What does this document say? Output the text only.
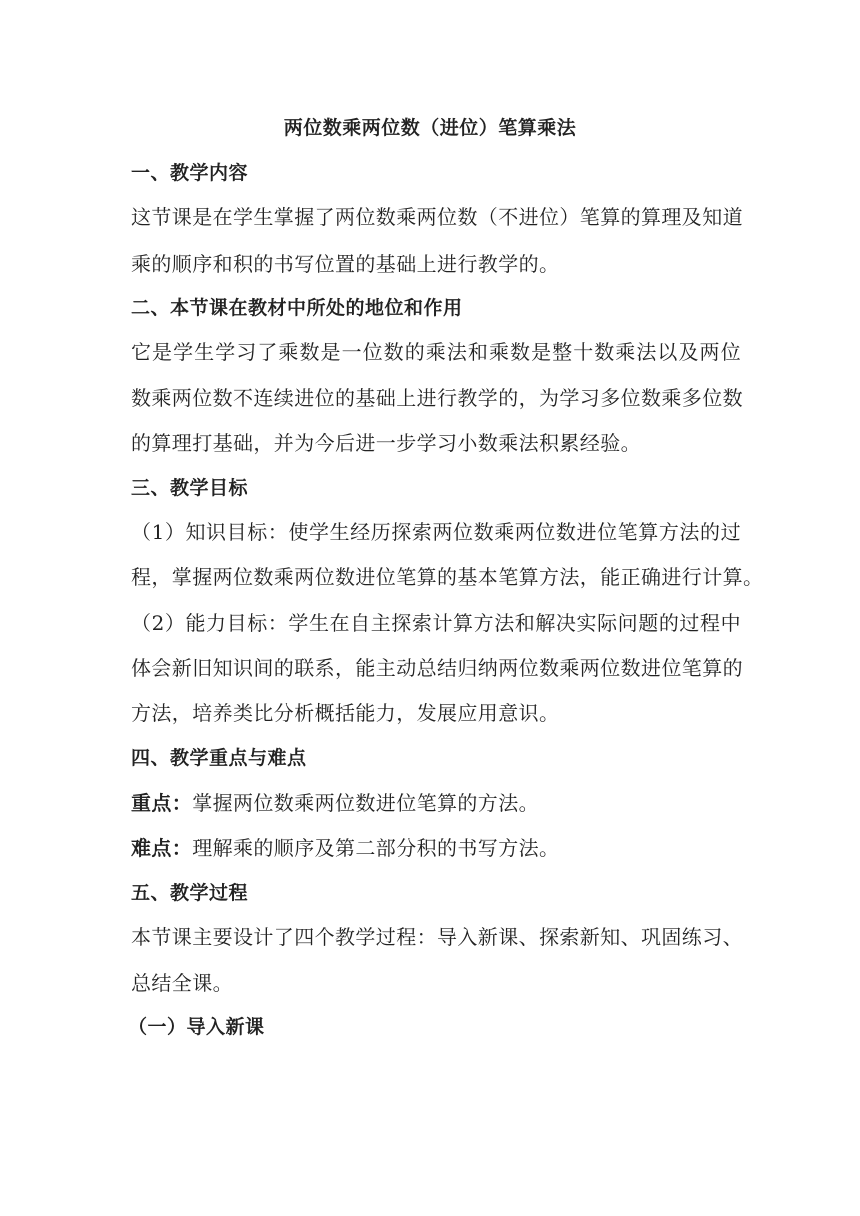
两位数乘两位数（进位）笔算乘法
一、教学内容
这节课是在学生掌握了两位数乘两位数（不进位）笔算的算理及知道
乘的顺序和积的书写位置的基础上进行教学的。
二、本节课在教材中所处的地位和作用
它是学生学习了乘数是一位数的乘法和乘数是整十数乘法以及两位
数乘两位数不连续进位的基础上进行教学的，为学习多位数乘多位数
的算理打基础，并为今后进一步学习小数乘法积累经验。
三、教学目标
（1）知识目标：使学生经历探索两位数乘两位数进位笔算方法的过
程，掌握两位数乘两位数进位笔算的基本笔算方法，能正确进行计算。
（2）能力目标：学生在自主探索计算方法和解决实际问题的过程中
体会新旧知识间的联系，能主动总结归纳两位数乘两位数进位笔算的
方法，培养类比分析概括能力，发展应用意识。
四、教学重点与难点
重点：掌握两位数乘两位数进位笔算的方法。
难点：理解乘的顺序及第二部分积的书写方法。
五、教学过程
本节课主要设计了四个教学过程：导入新课、探索新知、巩固练习、
总结全课。
（一）导入新课
